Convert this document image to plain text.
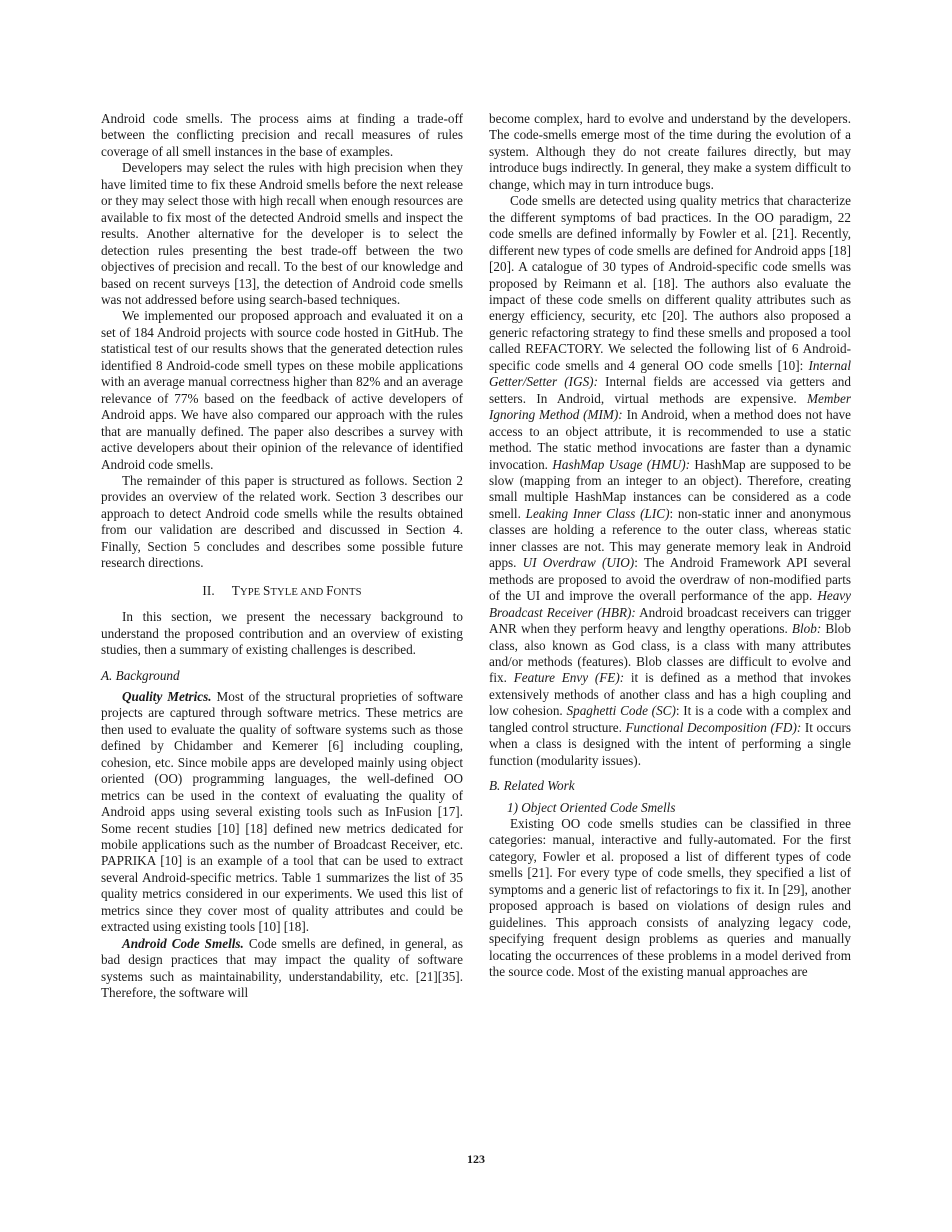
Android code smells. The process aims at finding a trade-off between the conflicting precision and recall measures of rules coverage of all smell instances in the base of examples.

Developers may select the rules with high precision when they have limited time to fix these Android smells before the next release or they may select those with high recall when enough resources are available to fix most of the detected Android smells and inspect the results. Another alternative for the developer is to select the detection rules presenting the best trade-off between the two objectives of precision and recall. To the best of our knowledge and based on recent surveys [13], the detection of Android code smells was not addressed before using search-based techniques.

We implemented our proposed approach and evaluated it on a set of 184 Android projects with source code hosted in GitHub. The statistical test of our results shows that the generated detection rules identified 8 Android-code smell types on these mobile applications with an average manual correctness higher than 82% and an average relevance of 77% based on the feedback of active developers of Android apps. We have also compared our approach with the rules that are manually defined. The paper also describes a survey with active developers about their opinion of the relevance of identified Android code smells.

The remainder of this paper is structured as follows. Section 2 provides an overview of the related work. Section 3 describes our approach to detect Android code smells while the results obtained from our validation are described and discussed in Section 4. Finally, Section 5 concludes and describes some possible future research directions.

II. TYPE STYLE AND FONTS

In this section, we present the necessary background to understand the proposed contribution and an overview of existing studies, then a summary of existing challenges is described.

A. Background

Quality Metrics. Most of the structural proprieties of software projects are captured through software metrics. These metrics are then used to evaluate the quality of software systems such as those defined by Chidamber and Kemerer [6] including coupling, cohesion, etc. Since mobile apps are developed mainly using object oriented (OO) programming languages, the well-defined OO metrics can be used in the context of evaluating the quality of Android apps using several existing tools such as InFusion [17]. Some recent studies [10] [18] defined new metrics dedicated for mobile applications such as the number of Broadcast Receiver, etc. PAPRIKA [10] is an example of a tool that can be used to extract several Android-specific metrics. Table 1 summarizes the list of 35 quality metrics considered in our experiments. We used this list of metrics since they cover most of quality attributes and could be extracted using existing tools [10] [18].

Android Code Smells. Code smells are defined, in general, as bad design practices that may impact the quality of software systems such as maintainability, understandability, etc. [21][35]. Therefore, the software will

become complex, hard to evolve and understand by the developers. The code-smells emerge most of the time during the evolution of a system. Although they do not create failures directly, but may introduce bugs indirectly. In general, they make a system difficult to change, which may in turn introduce bugs.

Code smells are detected using quality metrics that characterize the different symptoms of bad practices. In the OO paradigm, 22 code smells are defined informally by Fowler et al. [21]. Recently, different new types of code smells are defined for Android apps [18] [20]. A catalogue of 30 types of Android-specific code smells was proposed by Reimann et al. [18]. The authors also evaluate the impact of these code smells on different quality attributes such as energy efficiency, security, etc [20]. The authors also proposed a generic refactoring strategy to find these smells and proposed a tool called REFACTORY. We selected the following list of 6 Android-specific code smells and 4 general OO code smells [10]: Internal Getter/Setter (IGS): Internal fields are accessed via getters and setters. In Android, virtual methods are expensive. Member Ignoring Method (MIM): In Android, when a method does not have access to an object attribute, it is recommended to use a static method. The static method invocations are faster than a dynamic invocation. HashMap Usage (HMU): HashMap are supposed to be slow (mapping from an integer to an object). Therefore, creating small multiple HashMap instances can be considered as a code smell. Leaking Inner Class (LIC): non-static inner and anonymous classes are holding a reference to the outer class, whereas static inner classes are not. This may generate memory leak in Android apps. UI Overdraw (UIO): The Android Framework API several methods are proposed to avoid the overdraw of non-modified parts of the UI and improve the overall performance of the app. Heavy Broadcast Receiver (HBR): Android broadcast receivers can trigger ANR when they perform heavy and lengthy operations. Blob: Blob class, also known as God class, is a class with many attributes and/or methods (features). Blob classes are difficult to evolve and fix. Feature Envy (FE): it is defined as a method that invokes extensively methods of another class and has a high coupling and low cohesion. Spaghetti Code (SC): It is a code with a complex and tangled control structure. Functional Decomposition (FD): It occurs when a class is designed with the intent of performing a single function (modularity issues).

B. Related Work
1) Object Oriented Code Smells

Existing OO code smells studies can be classified in three categories: manual, interactive and fully-automated. For the first category, Fowler et al. proposed a list of different types of code smells [21]. For every type of code smells, they specified a list of symptoms and a generic list of refactorings to fix it. In [29], another proposed approach is based on violations of design rules and guidelines. This approach consists of analyzing legacy code, specifying frequent design problems as queries and manually locating the occurrences of these problems in a model derived from the source code. Most of the existing manual approaches are

123
